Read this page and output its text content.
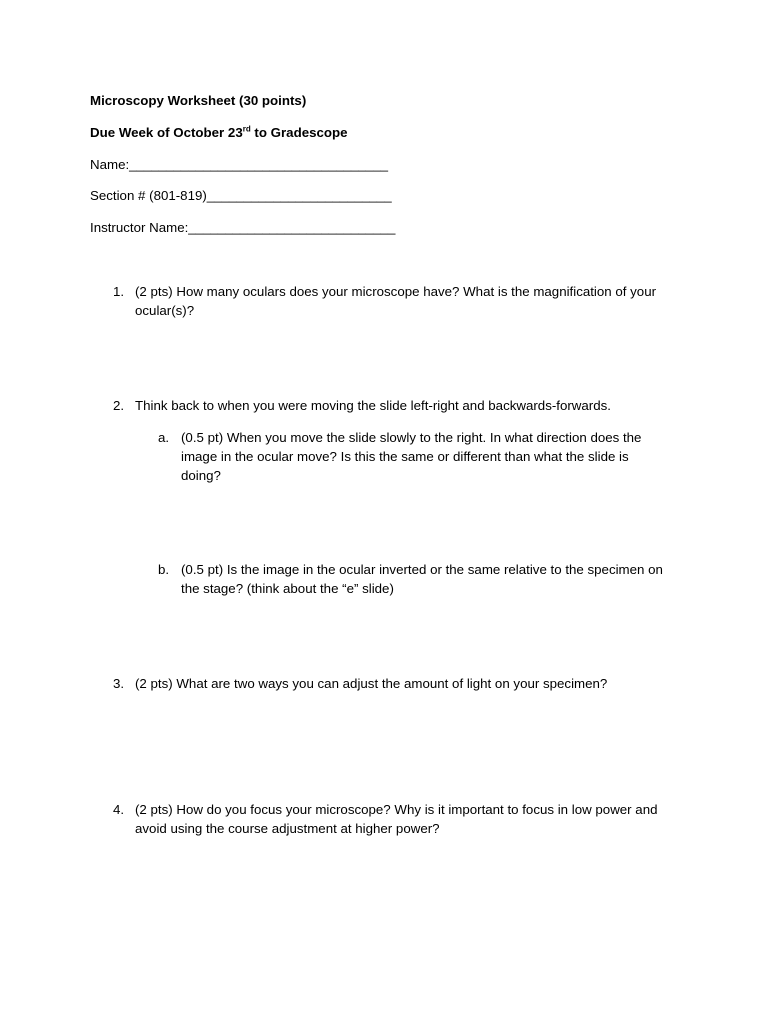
Microscopy Worksheet (30 points)
Due Week of October 23rd to Gradescope
Name:___________________________________
Section # (801-819)_________________________
Instructor Name:____________________________
1. (2 pts) How many oculars does your microscope have? What is the magnification of your ocular(s)?
2. Think back to when you were moving the slide left-right and backwards-forwards.
a. (0.5 pt) When you move the slide slowly to the right. In what direction does the image in the ocular move? Is this the same or different than what the slide is doing?
b. (0.5 pt) Is the image in the ocular inverted or the same relative to the specimen on the stage? (think about the “e” slide)
3. (2 pts) What are two ways you can adjust the amount of light on your specimen?
4. (2 pts) How do you focus your microscope? Why is it important to focus in low power and avoid using the course adjustment at higher power?
